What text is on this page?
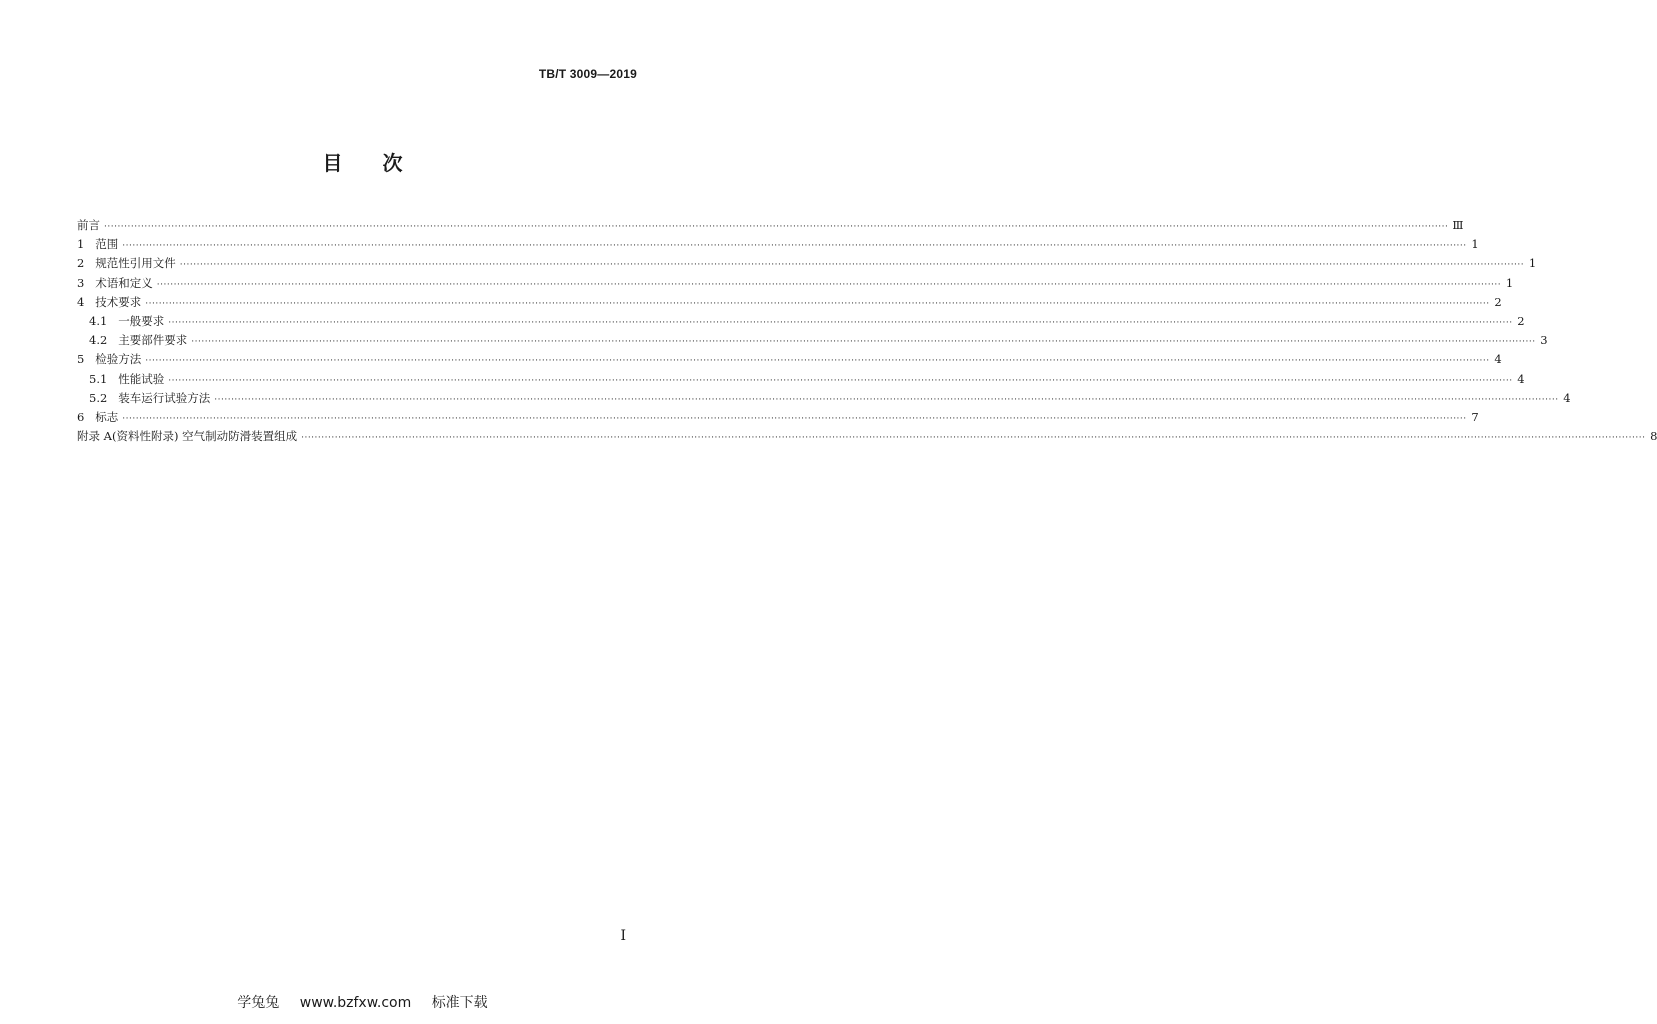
TB/T 3009—2019
目 次
前言 ················································································································································································································································································································································································································ Ⅲ
1 范围 ················································································································································································································································································································································································································ 1
2 规范性引用文件 ················································································································································································································································································································································································································ 1
3 术语和定义 ················································································································································································································································································································································································································ 1
4 技术要求 ················································································································································································································································································································································································································ 2
4.1 一般要求 ················································································································································································································································································································································································································ 2
4.2 主要部件要求 ················································································································································································································································································································································································································ 3
5 检验方法 ················································································································································································································································································································································································································ 4
5.1 性能试验 ················································································································································································································································································································································································································ 4
5.2 装车运行试验方法 ················································································································································································································································································································································································································ 4
6 标志 ················································································································································································································································································································································································································ 7
附录 A(资料性附录) 空气制动防滑装置组成 ················································································································································································································································································································································································································ 8
I
学兔兔 www.bzfxw.com 标准下载
